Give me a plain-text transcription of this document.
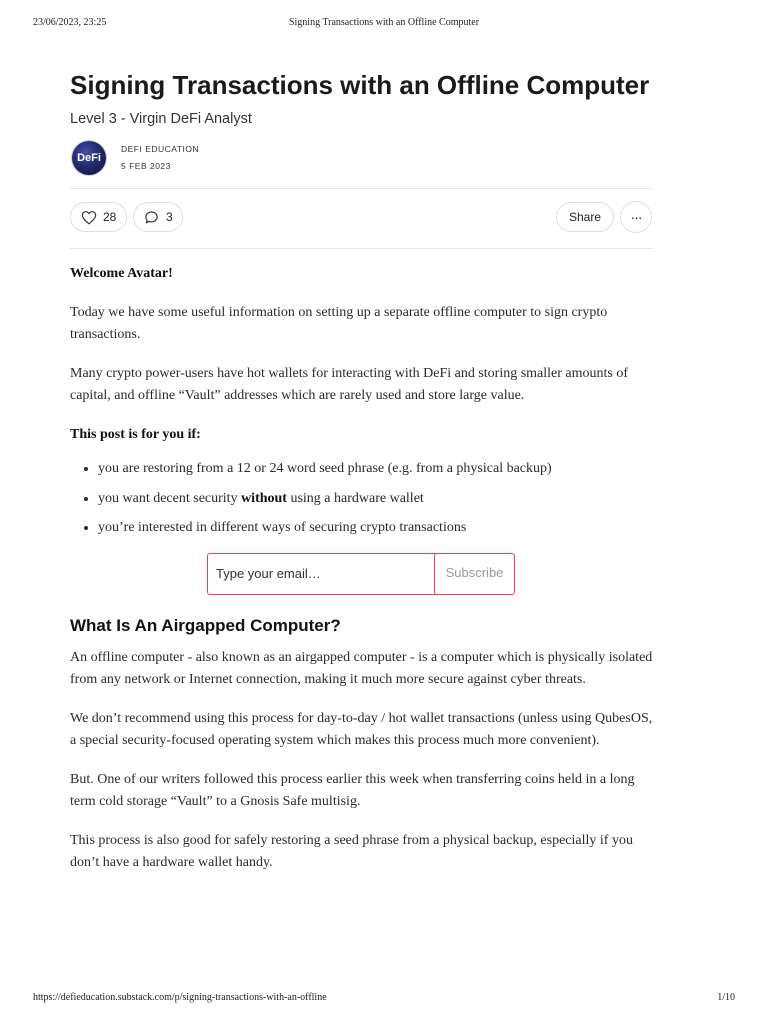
23/06/2023, 23:25	Signing Transactions with an Offline Computer
Signing Transactions with an Offline Computer
Level 3 - Virgin DeFi Analyst
DeFi
DEFI EDUCATION
5 FEB 2023
28	3	Share	···

Welcome Avatar!

Today we have some useful information on setting up a separate offline computer to sign crypto transactions.

Many crypto power-users have hot wallets for interacting with DeFi and storing smaller amounts of capital, and offline “Vault” addresses which are rarely used and store large value.

This post is for you if:

• you are restoring from a 12 or 24 word seed phrase (e.g. from a physical backup)
• you want decent security without using a hardware wallet
• you’re interested in different ways of securing crypto transactions
Type your email…
Subscribe
What Is An Airgapped Computer?

An offline computer - also known as an airgapped computer - is a computer which is physically isolated from any network or Internet connection, making it much more secure against cyber threats.

We don’t recommend using this process for day-to-day / hot wallet transactions (unless using QubesOS, a special security-focused operating system which makes this process much more convenient).

But. One of our writers followed this process earlier this week when transferring coins held in a long term cold storage “Vault” to a Gnosis Safe multisig.

This process is also good for safely restoring a seed phrase from a physical backup, especially if you don’t have a hardware wallet handy.

https://defieducation.substack.com/p/signing-transactions-with-an-offline	1/10
